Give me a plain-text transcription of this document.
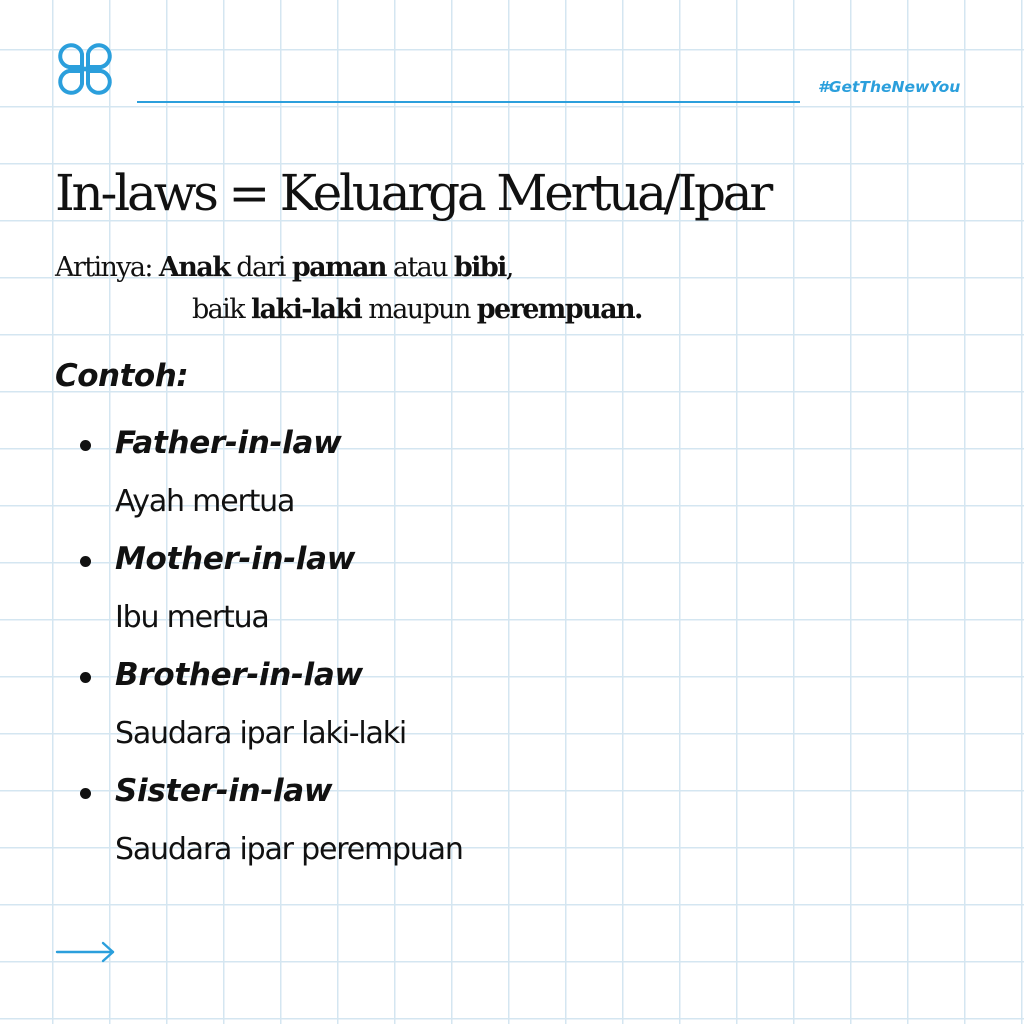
#GetTheNewYou
In-laws = Keluarga Mertua/Ipar
Artinya: Anak dari paman atau bibi,
baik laki-laki maupun perempuan.
Contoh:
Father-in-law
Ayah mertua
Mother-in-law
Ibu mertua
Brother-in-law
Saudara ipar laki-laki
Sister-in-law
Saudara ipar perempuan
